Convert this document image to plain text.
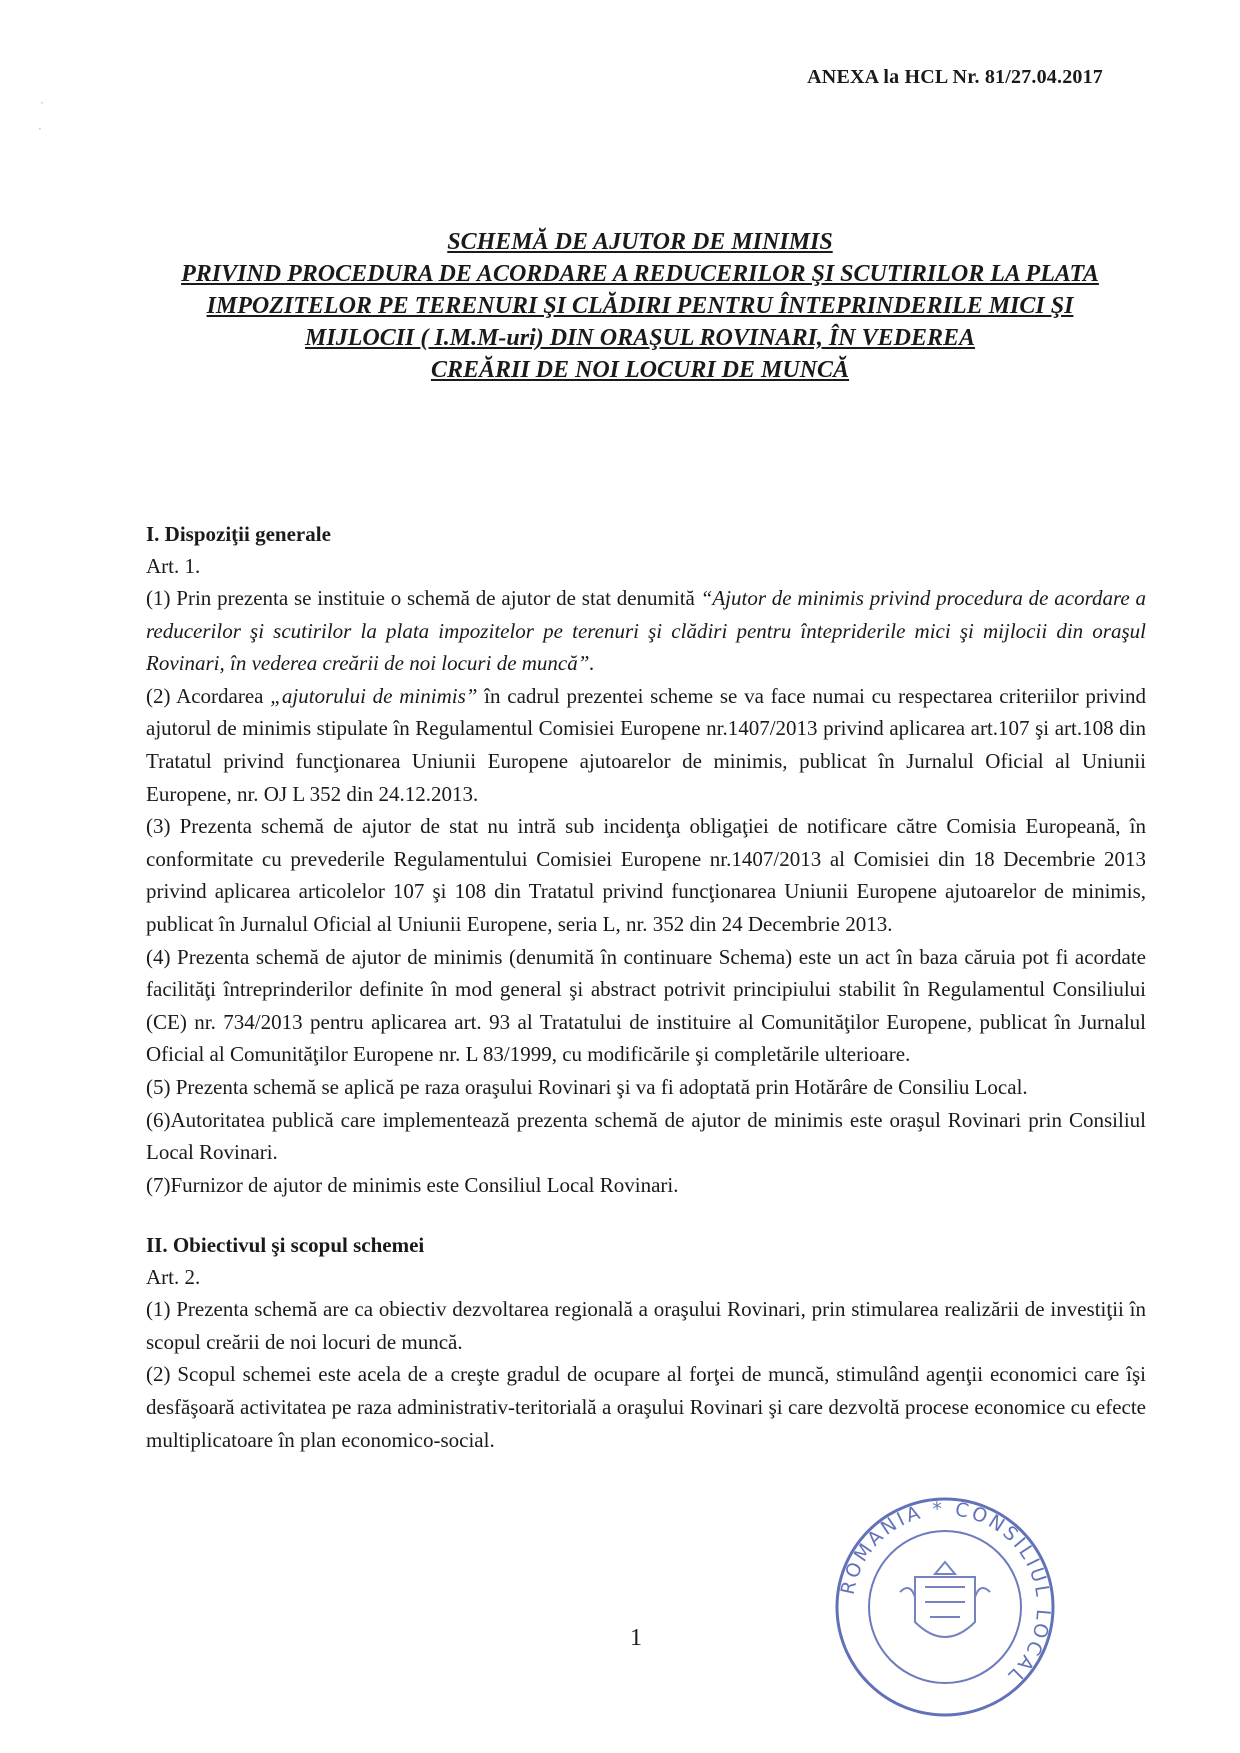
·
·
ANEXA la HCL Nr. 81/27.04.2017
SCHEMĂ DE AJUTOR DE MINIMIS
PRIVIND PROCEDURA DE ACORDARE A REDUCERILOR ŞI SCUTIRILOR LA PLATA
IMPOZITELOR PE TERENURI ŞI CLĂDIRI PENTRU ÎNTEPRINDERILE MICI ŞI
MIJLOCII ( I.M.M-uri) DIN ORAŞUL ROVINARI, ÎN VEDEREA
CREĂRII DE NOI LOCURI DE MUNCĂ
I. Dispoziţii generale
Art. 1.

(1) Prin prezenta se instituie o schemă de ajutor de stat denumită “Ajutor de minimis privind procedura de acordare a reducerilor şi scutirilor la plata impozitelor pe terenuri şi clădiri pentru întepriderile mici şi mijlocii din oraşul Rovinari, în vederea creării de noi locuri de muncă”.

(2) Acordarea „ajutorului de minimis” în cadrul prezentei scheme se va face numai cu respectarea criteriilor privind ajutorul de minimis stipulate în Regulamentul Comisiei Europene nr.1407/2013 privind aplicarea art.107 şi art.108 din Tratatul privind funcţionarea Uniunii Europene ajutoarelor de minimis, publicat în Jurnalul Oficial al Uniunii Europene, nr. OJ L 352 din 24.12.2013.

(3) Prezenta schemă de ajutor de stat nu intră sub incidenţa obligaţiei de notificare către Comisia Europeană, în conformitate cu prevederile Regulamentului Comisiei Europene nr.1407/2013 al Comisiei din 18 Decembrie 2013 privind aplicarea articolelor 107 şi 108 din Tratatul privind funcţionarea Uniunii Europene ajutoarelor de minimis, publicat în Jurnalul Oficial al Uniunii Europene, seria L, nr. 352 din 24 Decembrie 2013.

(4) Prezenta schemă de ajutor de minimis (denumită în continuare Schema) este un act în baza căruia pot fi acordate facilităţi întreprinderilor definite în mod general şi abstract potrivit principiului stabilit în Regulamentul Consiliului (CE) nr. 734/2013 pentru aplicarea art. 93 al Tratatului de instituire al Comunităţilor Europene, publicat în Jurnalul Oficial al Comunităţilor Europene nr. L 83/1999, cu modificările şi completările ulterioare.

(5) Prezenta schemă se aplică pe raza oraşului Rovinari şi va fi adoptată prin Hotărâre de Consiliu Local.

(6)Autoritatea publică care implementează prezenta schemă de ajutor de minimis este oraşul Rovinari prin Consiliul Local Rovinari.

(7)Furnizor de ajutor de minimis este Consiliul Local Rovinari.

II. Obiectivul şi scopul schemei
Art. 2.

(1) Prezenta schemă are ca obiectiv dezvoltarea regională a oraşului Rovinari, prin stimularea realizării de investiţii în scopul creării de noi locuri de muncă.

(2) Scopul schemei este acela de a creşte gradul de ocupare al forţei de muncă, stimulând agenţii economici care îşi desfăşoară activitatea pe raza administrativ-teritorială a oraşului Rovinari şi care dezvoltă procese economice cu efecte multiplicatoare în plan economico-social.

1
ROMANIA * CONSILIUL LOCAL
